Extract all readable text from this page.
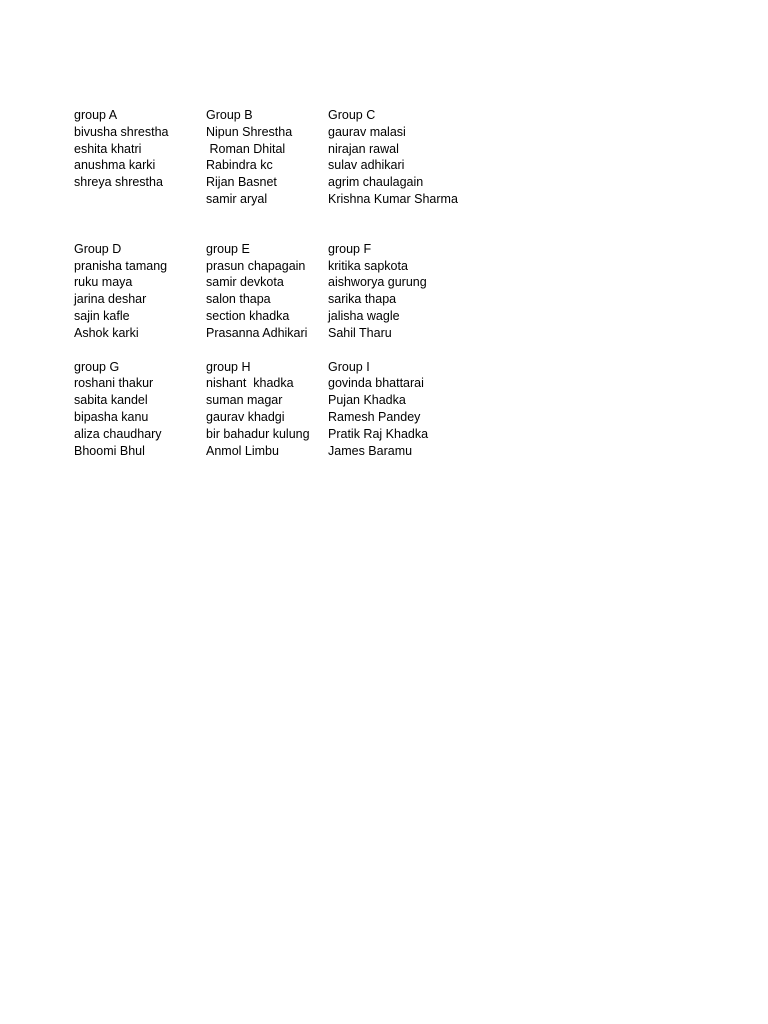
group A
bivusha shrestha
eshita khatri
anushma karki
shreya shrestha
Group B
Nipun Shrestha
Roman Dhital
Rabindra kc
Rijan Basnet
samir aryal
Group C
gaurav malasi
nirajan rawal
sulav adhikari
agrim chaulagain
Krishna Kumar Sharma
Group D
pranisha tamang
ruku maya
jarina deshar
sajin kafle
Ashok karki
group E
prasun chapagain
samir devkota
salon thapa
section khadka
Prasanna Adhikari
group F
kritika sapkota
aishworya gurung
sarika thapa
jalisha wagle
Sahil Tharu
group G
roshani thakur
sabita kandel
bipasha kanu
aliza chaudhary
Bhoomi Bhul
group H
nishant  khadka
suman magar
gaurav khadgi
bir bahadur kulung
Anmol Limbu
Group I
govinda bhattarai
Pujan Khadka
Ramesh Pandey
Pratik Raj Khadka
James Baramu
